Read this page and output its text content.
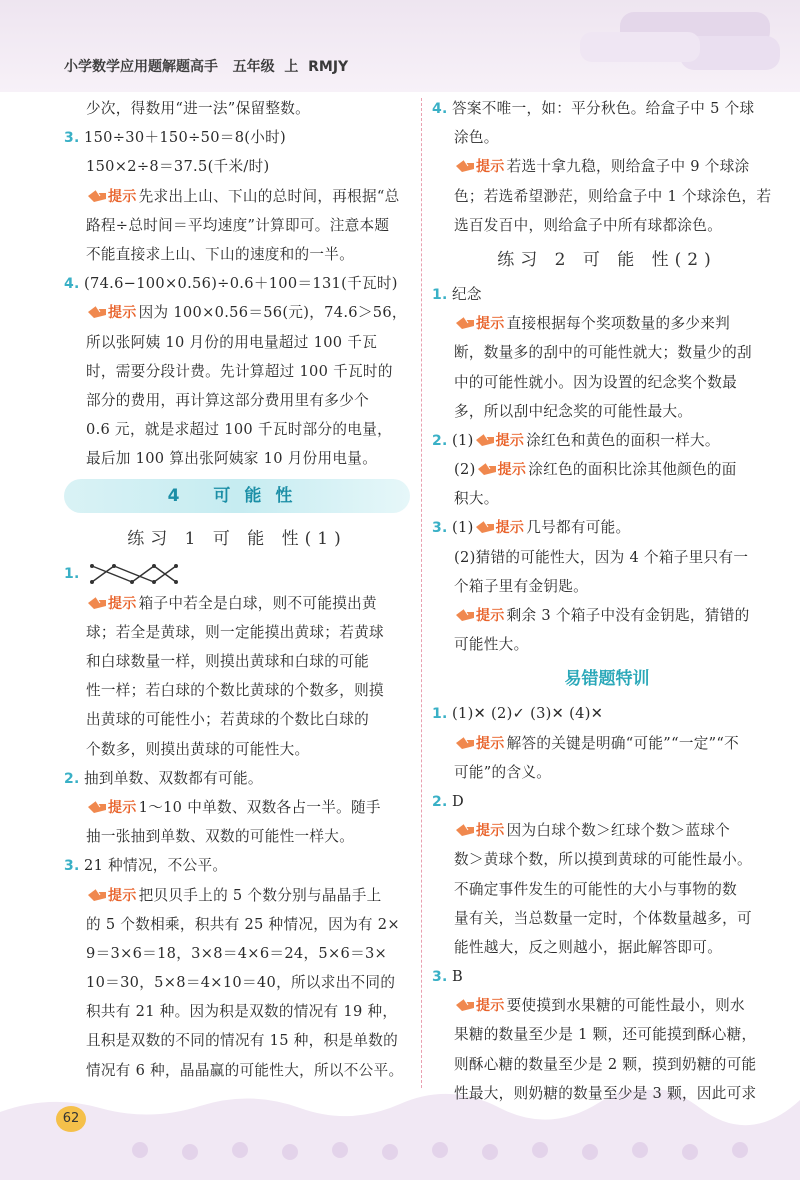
小学数学应用题解题高手   五年级  上  RMJY
62
少次，得数用“进一法”保留整数。
3. 150÷30＋150÷50＝8(小时)
150×2÷8＝37.5(千米/时)
提示 先求出上山、下山的总时间，再根据“总
路程÷总时间＝平均速度”计算即可。注意本题
不能直接求上山、下山的速度和的一半。
4. (74.6−100×0.56)÷0.6＋100＝131(千瓦时)
提示 因为 100×0.56＝56(元)，74.6＞56，
所以张阿姨 10 月份的用电量超过 100 千瓦
时，需要分段计费。先计算超过 100 千瓦时的
部分的费用，再计算这部分费用里有多少个
0.6 元，就是求超过 100 千瓦时部分的电量，
最后加 100 算出张阿姨家 10 月份用电量。
4 可能性
练习 1 可 能 性(1)
1.
提示 箱子中若全是白球，则不可能摸出黄
球；若全是黄球，则一定能摸出黄球；若黄球
和白球数量一样，则摸出黄球和白球的可能
性一样；若白球的个数比黄球的个数多，则摸
出黄球的可能性小；若黄球的个数比白球的
个数多，则摸出黄球的可能性大。
2. 抽到单数、双数都有可能。
提示 1～10 中单数、双数各占一半。随手
抽一张抽到单数、双数的可能性一样大。
3. 21 种情况，不公平。
提示 把贝贝手上的 5 个数分别与晶晶手上
的 5 个数相乘，积共有 25 种情况，因为有 2×
9＝3×6＝18，3×8＝4×6＝24，5×6＝3×
10＝30，5×8＝4×10＝40，所以求出不同的
积共有 21 种。因为积是双数的情况有 19 种，
且积是双数的不同的情况有 15 种，积是单数的
情况有 6 种，晶晶赢的可能性大，所以不公平。
4. 答案不唯一，如：平分秋色。给盒子中 5 个球
涂色。
提示 若选十拿九稳，则给盒子中 9 个球涂
色；若选希望渺茫，则给盒子中 1 个球涂色，若
选百发百中，则给盒子中所有球都涂色。
练习 2 可 能 性(2)
1. 纪念
提示 直接根据每个奖项数量的多少来判
断，数量多的刮中的可能性就大；数量少的刮
中的可能性就小。因为设置的纪念奖个数最
多，所以刮中纪念奖的可能性最大。
2. (1) 提示 涂红色和黄色的面积一样大。
(2) 提示 涂红色的面积比涂其他颜色的面
积大。
3. (1) 提示 几号都有可能。
(2)猜错的可能性大，因为 4 个箱子里只有一
个箱子里有金钥匙。
提示 剩余 3 个箱子中没有金钥匙，猜错的
可能性大。
易错题特训
1. (1)✕ (2)✓ (3)✕ (4)✕
提示 解答的关键是明确“可能”“一定”“不
可能”的含义。
2. D
提示 因为白球个数＞红球个数＞蓝球个
数＞黄球个数，所以摸到黄球的可能性最小。
不确定事件发生的可能性的大小与事物的数
量有关，当总数量一定时，个体数量越多，可
能性越大，反之则越小，据此解答即可。
3. B
提示 要使摸到水果糖的可能性最小，则水
果糖的数量至少是 1 颗，还可能摸到酥心糖，
则酥心糖的数量至少是 2 颗，摸到奶糖的可能
性最大，则奶糖的数量至少是 3 颗，因此可求
